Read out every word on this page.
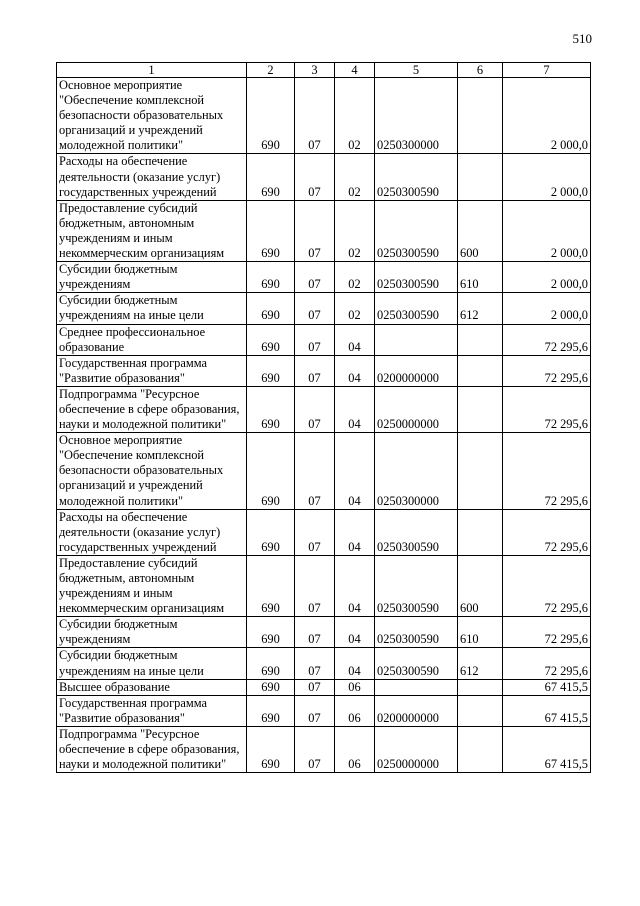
510
1	2	3	4	5	6	7
Основное мероприятие "Обеспечение комплексной безопасности образовательных организаций и учреждений молодежной политики"	690	07	02	0250300000		2 000,0
Расходы на обеспечение деятельности (оказание услуг) государственных учреждений	690	07	02	0250300590		2 000,0
Предоставление субсидий бюджетным, автономным учреждениям и иным некоммерческим организациям	690	07	02	0250300590	600	2 000,0
Субсидии бюджетным учреждениям	690	07	02	0250300590	610	2 000,0
Субсидии бюджетным учреждениям на иные цели	690	07	02	0250300590	612	2 000,0
Среднее профессиональное образование	690	07	04			72 295,6
Государственная программа "Развитие образования"	690	07	04	0200000000		72 295,6
Подпрограмма "Ресурсное обеспечение в сфере образования, науки и молодежной политики"	690	07	04	0250000000		72 295,6
Основное мероприятие "Обеспечение комплексной безопасности образовательных организаций и учреждений молодежной политики"	690	07	04	0250300000		72 295,6
Расходы на обеспечение деятельности (оказание услуг) государственных учреждений	690	07	04	0250300590		72 295,6
Предоставление субсидий бюджетным, автономным учреждениям и иным некоммерческим организациям	690	07	04	0250300590	600	72 295,6
Субсидии бюджетным учреждениям	690	07	04	0250300590	610	72 295,6
Субсидии бюджетным учреждениям на иные цели	690	07	04	0250300590	612	72 295,6
Высшее образование	690	07	06			67 415,5
Государственная программа "Развитие образования"	690	07	06	0200000000		67 415,5
Подпрограмма "Ресурсное обеспечение в сфере образования, науки и молодежной политики"	690	07	06	0250000000		67 415,5
